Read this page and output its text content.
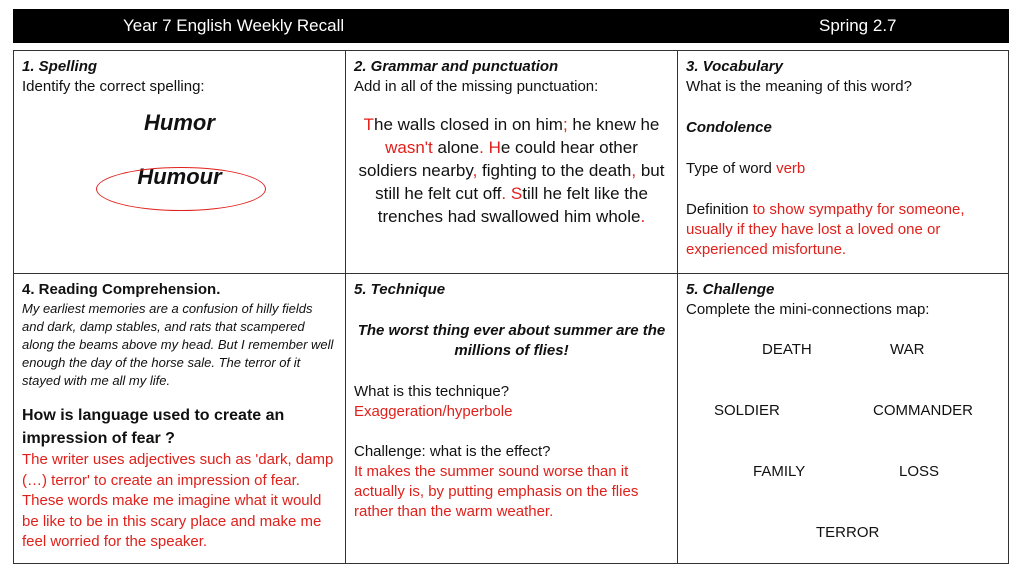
Year 7 English Weekly Recall	Spring 2.7
1. Spelling
Identify the correct spelling:
Humor
Humour
2. Grammar and punctuation
Add in all of the missing punctuation:
The walls closed in on him; he knew he wasn't alone. He could hear other soldiers nearby, fighting to the death, but still he felt cut off. Still he felt like the trenches had swallowed him whole.
3. Vocabulary
What is the meaning of this word?
Condolence
Type of word verb
Definition to show sympathy for someone, usually if they have lost a loved one or experienced misfortune.
4. Reading Comprehension.
My earliest memories are a confusion of hilly fields and dark, damp stables, and rats that scampered along the beams above my head. But I remember well enough the day of the horse sale. The terror of it stayed with me all my life.
How is language used to create an impression of fear ?
The writer uses adjectives such as 'dark, damp (…) terror' to create an impression of fear. These words make me imagine what it would be like to be in this scary place and make me feel worried for the speaker.
5. Technique
The worst thing ever about summer are the millions of flies!
What is this technique?
Exaggeration/hyperbole
Challenge: what is the effect?
It makes the summer sound worse than it actually is, by putting emphasis on the flies rather than the warm weather.
5. Challenge
Complete the mini-connections map:
DEATH	WAR
SOLDIER	COMMANDER
FAMILY	LOSS
TERROR
